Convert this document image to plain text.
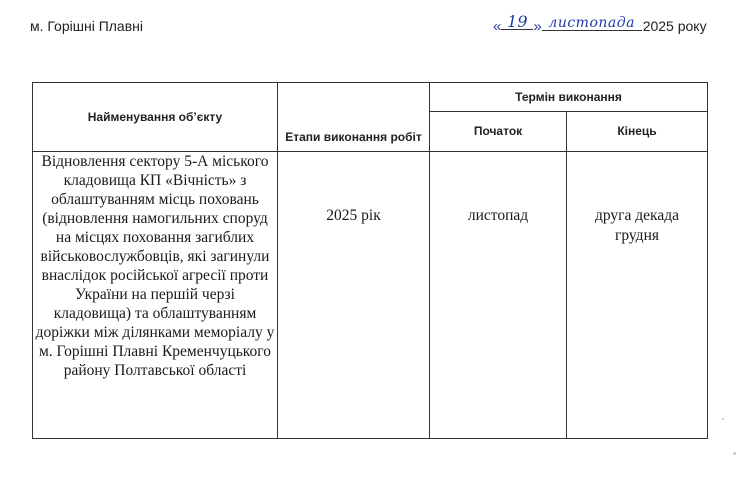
м. Горішні Плавні	« 19 » листопада 2025 року
Найменування об’єкту	Етапи виконання робіт	Термін виконання	
		Початок	Кінець
Відновлення сектору 5-А міського кладовища КП «Вічність» з облаштуванням місць поховань (відновлення намогильних споруд на місцях поховання загиблих військовослужбовців, які загинули внаслідок російської агресії проти України на першій черзі кладовища) та облаштуванням доріжки між ділянками меморіалу у м. Горішні Плавні Кременчуцького району Полтавської області	2025 рік	листопад	друга декада
грудня
